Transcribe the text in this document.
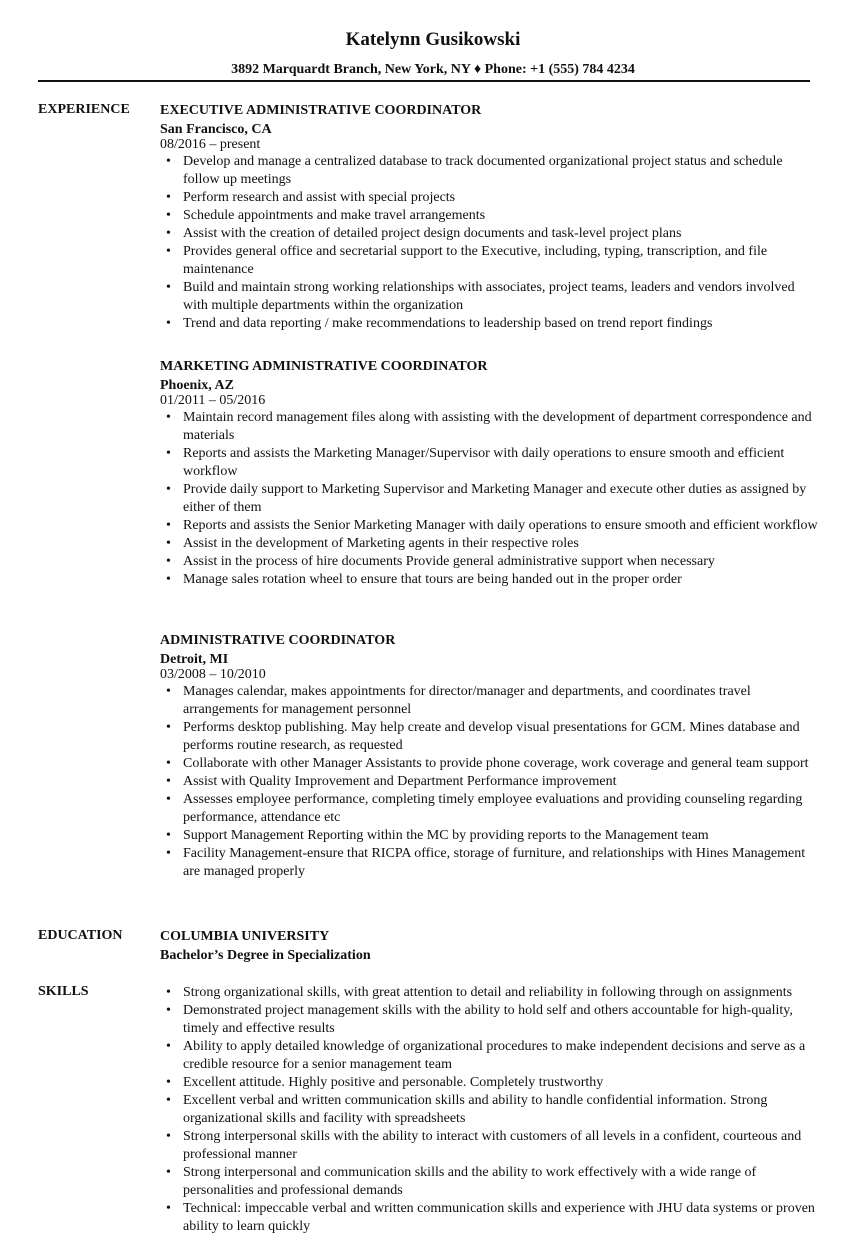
Katelynn Gusikowski
3892 Marquardt Branch, New York, NY ♦ Phone: +1 (555) 784 4234
EXPERIENCE EXECUTIVE ADMINISTRATIVE COORDINATOR
San Francisco, CA
08/2016 – present
• Develop and manage a centralized database to track documented organizational project status and schedule follow up meetings
• Perform research and assist with special projects
• Schedule appointments and make travel arrangements
• Assist with the creation of detailed project design documents and task-level project plans
• Provides general office and secretarial support to the Executive, including, typing, transcription, and file maintenance
• Build and maintain strong working relationships with associates, project teams, leaders and vendors involved with multiple departments within the organization
• Trend and data reporting / make recommendations to leadership based on trend report findings
MARKETING ADMINISTRATIVE COORDINATOR
Phoenix, AZ
01/2011 – 05/2016
• Maintain record management files along with assisting with the development of department correspondence and materials
• Reports and assists the Marketing Manager/Supervisor with daily operations to ensure smooth and efficient workflow
• Provide daily support to Marketing Supervisor and Marketing Manager and execute other duties as assigned by either of them
• Reports and assists the Senior Marketing Manager with daily operations to ensure smooth and efficient workflow
• Assist in the development of Marketing agents in their respective roles
• Assist in the process of hire documents Provide general administrative support when necessary
• Manage sales rotation wheel to ensure that tours are being handed out in the proper order
ADMINISTRATIVE COORDINATOR
Detroit, MI
03/2008 – 10/2010
• Manages calendar, makes appointments for director/manager and departments, and coordinates travel arrangements for management personnel
• Performs desktop publishing. May help create and develop visual presentations for GCM. Mines database and performs routine research, as requested
• Collaborate with other Manager Assistants to provide phone coverage, work coverage and general team support
• Assist with Quality Improvement and Department Performance improvement
• Assesses employee performance, completing timely employee evaluations and providing counseling regarding performance, attendance etc
• Support Management Reporting within the MC by providing reports to the Management team
• Facility Management-ensure that RICPA office, storage of furniture, and relationships with Hines Management are managed properly
EDUCATION	COLUMBIA UNIVERSITY
Bachelor’s Degree in Specialization
SKILLS
•	Strong organizational skills, with great attention to detail and reliability in following through on assignments
• Demonstrated project management skills with the ability to hold self and others accountable for high-quality, timely and effective results
• Ability to apply detailed knowledge of organizational procedures to make independent decisions and serve as a credible resource for a senior management team
• Excellent attitude. Highly positive and personable. Completely trustworthy
• Excellent verbal and written communication skills and ability to handle confidential information. Strong organizational skills and facility with spreadsheets
• Strong interpersonal skills with the ability to interact with customers of all levels in a confident, courteous and professional manner
• Strong interpersonal and communication skills and the ability to work effectively with a wide range of personalities and professional demands
• Technical: impeccable verbal and written communication skills and experience with JHU data systems or proven ability to learn quickly
